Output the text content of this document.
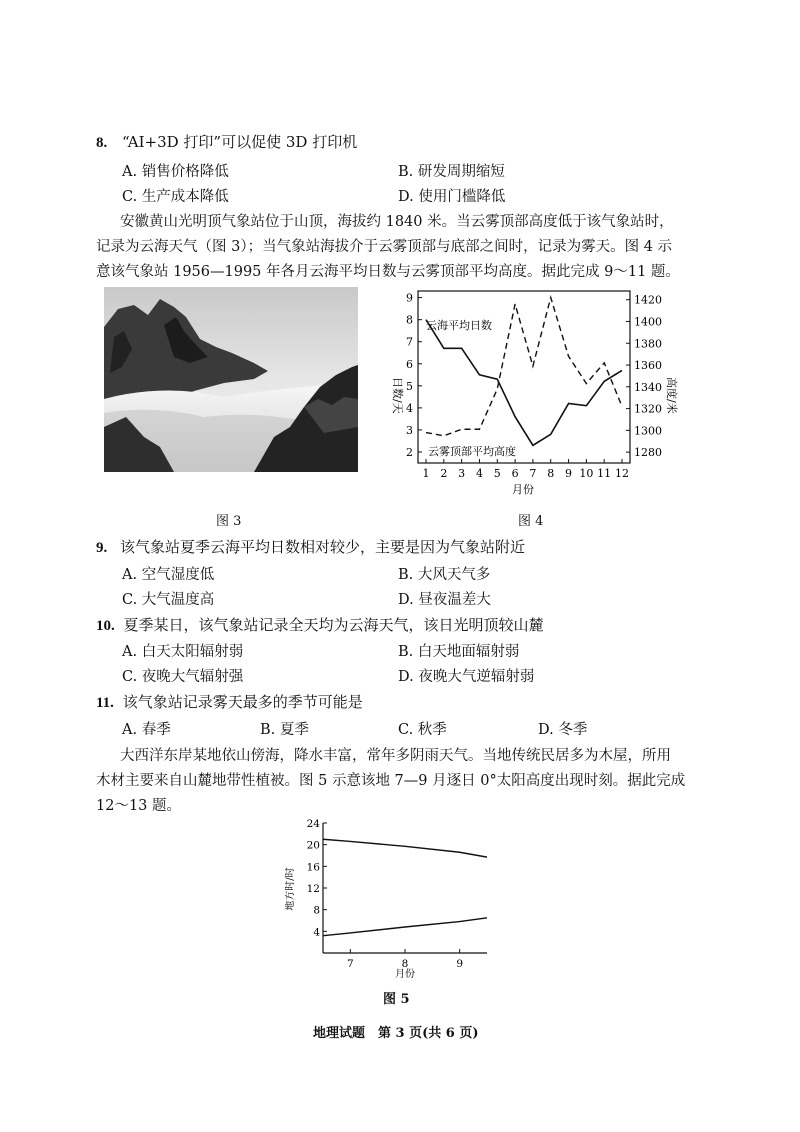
8. “AI+3D 打印”可以促使 3D 打印机
A. 销售价格降低	B. 研发周期缩短
C. 生产成本降低	D. 使用门槛降低
安徽黄山光明顶气象站位于山顶，海拔约 1840 米。当云雾顶部高度低于该气象站时，
记录为云海天气（图 3）；当气象站海拔介于云雾顶部与底部之间时，记录为雾天。图 4 示
意该气象站 1956—1995 年各月云海平均日数与云雾顶部平均高度。据此完成 9～11 题。
图 3
2
3
4
5
6
7
8
9
1280
1300
1320
1340
1360
1380
1400
1420
1 2 3 4 5 6 7 8 9 10 11 12
云海平均日数
云雾顶部平均高度
日数/天	高度/米
月份
图 4
9. 该气象站夏季云海平均日数相对较少，主要是因为气象站附近
A. 空气湿度低	B. 大风天气多
C. 大气温度高	D. 昼夜温差大
10. 夏季某日，该气象站记录全天均为云海天气，该日光明顶较山麓
A. 白天太阳辐射弱	B. 白天地面辐射弱
C. 夜晚大气辐射强	D. 夜晚大气逆辐射弱
11. 该气象站记录雾天最多的季节可能是
A. 春季	B. 夏季	C. 秋季	D. 冬季
大西洋东岸某地依山傍海，降水丰富，常年多阴雨天气。当地传统民居多为木屋，所用
木材主要来自山麓地带性植被。图 5 示意该地 7—9 月逐日 0°太阳高度出现时刻。据此完成
12～13 题。
4
8
12
16
20
24
7	8	9
地方时/时
月份
图 5
地理试题　第 3 页(共 6 页)
